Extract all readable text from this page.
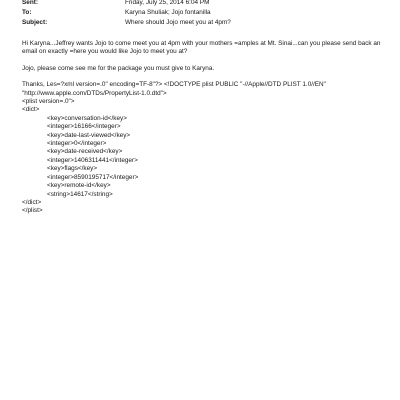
Sent:	Friday, July 25, 2014 6:04 PM
To:	Karyna Shuliak; Jojo fontanilla
Subject:	Where should Jojo meet you at 4pm?

Hi Karyna...Jeffrey wants Jojo to come meet you at 4pm with your mothers =amples at Mt. Sinai...can you please send back an email on exactly =here you would like Jojo to meet you at?

Jojo, please come see me for the package you must give to Karyna.

Thanks, Les=?xml version=.0" encoding=TF-8"?> <!DOCTYPE plist PUBLIC "-//Apple//DTD PLIST 1.0//EN"
"http://www.apple.com/DTDs/PropertyList-1.0.dtd">
<plist version=.0">
<dict>
<key>conversation-id</key>
<integer>16166</integer>
<key>date-last-viewed</key>
<integer>0</integer>
<key>date-received</key>
<integer>1406311441</integer>
<key>flags</key>
<integer>8590195717</integer>
<key>remote-id</key>
<string>14617</string>
</dict>
</plist>
